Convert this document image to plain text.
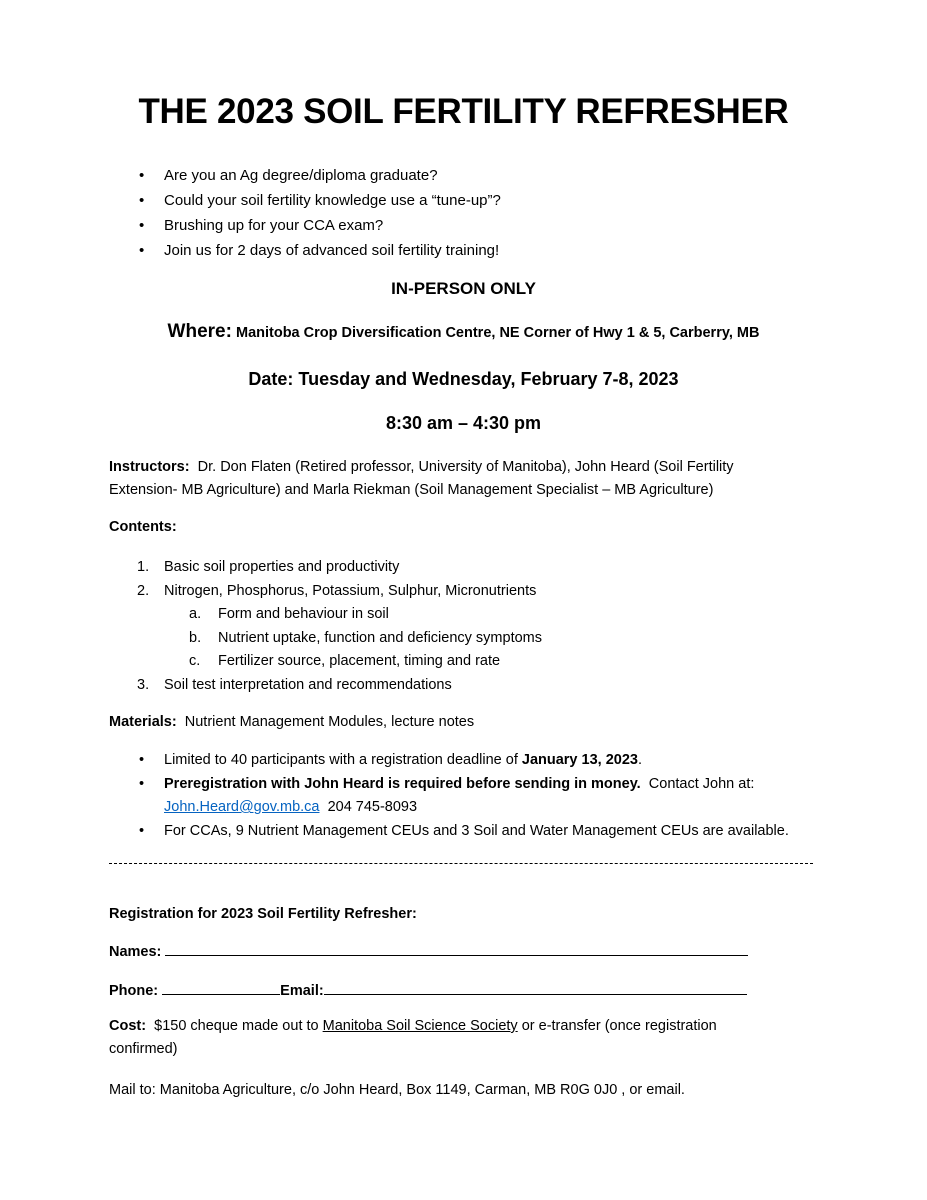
THE 2023 SOIL FERTILITY REFRESHER
• Are you an Ag degree/diploma graduate?
• Could your soil fertility knowledge use a “tune-up”?
• Brushing up for your CCA exam?
• Join us for 2 days of advanced soil fertility training!
IN-PERSON ONLY
Where: Manitoba Crop Diversification Centre, NE Corner of Hwy 1 & 5, Carberry, MB
Date: Tuesday and Wednesday, February 7-8, 2023
8:30 am – 4:30 pm
Instructors: Dr. Don Flaten (Retired professor, University of Manitoba), John Heard (Soil Fertility Extension- MB Agriculture) and Marla Riekman (Soil Management Specialist – MB Agriculture)
Contents:
1. Basic soil properties and productivity
2. Nitrogen, Phosphorus, Potassium, Sulphur, Micronutrients
a. Form and behaviour in soil
b. Nutrient uptake, function and deficiency symptoms
c. Fertilizer source, placement, timing and rate
3. Soil test interpretation and recommendations
Materials: Nutrient Management Modules, lecture notes
• Limited to 40 participants with a registration deadline of January 13, 2023.
• Preregistration with John Heard is required before sending in money. Contact John at:
John.Heard@gov.mb.ca 204 745-8093
• For CCAs, 9 Nutrient Management CEUs and 3 Soil and Water Management CEUs are available.
Registration for 2023 Soil Fertility Refresher:
Names:
Phone:	Email:
Cost: $150 cheque made out to Manitoba Soil Science Society or e-transfer (once registration confirmed)
Mail to: Manitoba Agriculture, c/o John Heard, Box 1149, Carman, MB R0G 0J0 , or email.
